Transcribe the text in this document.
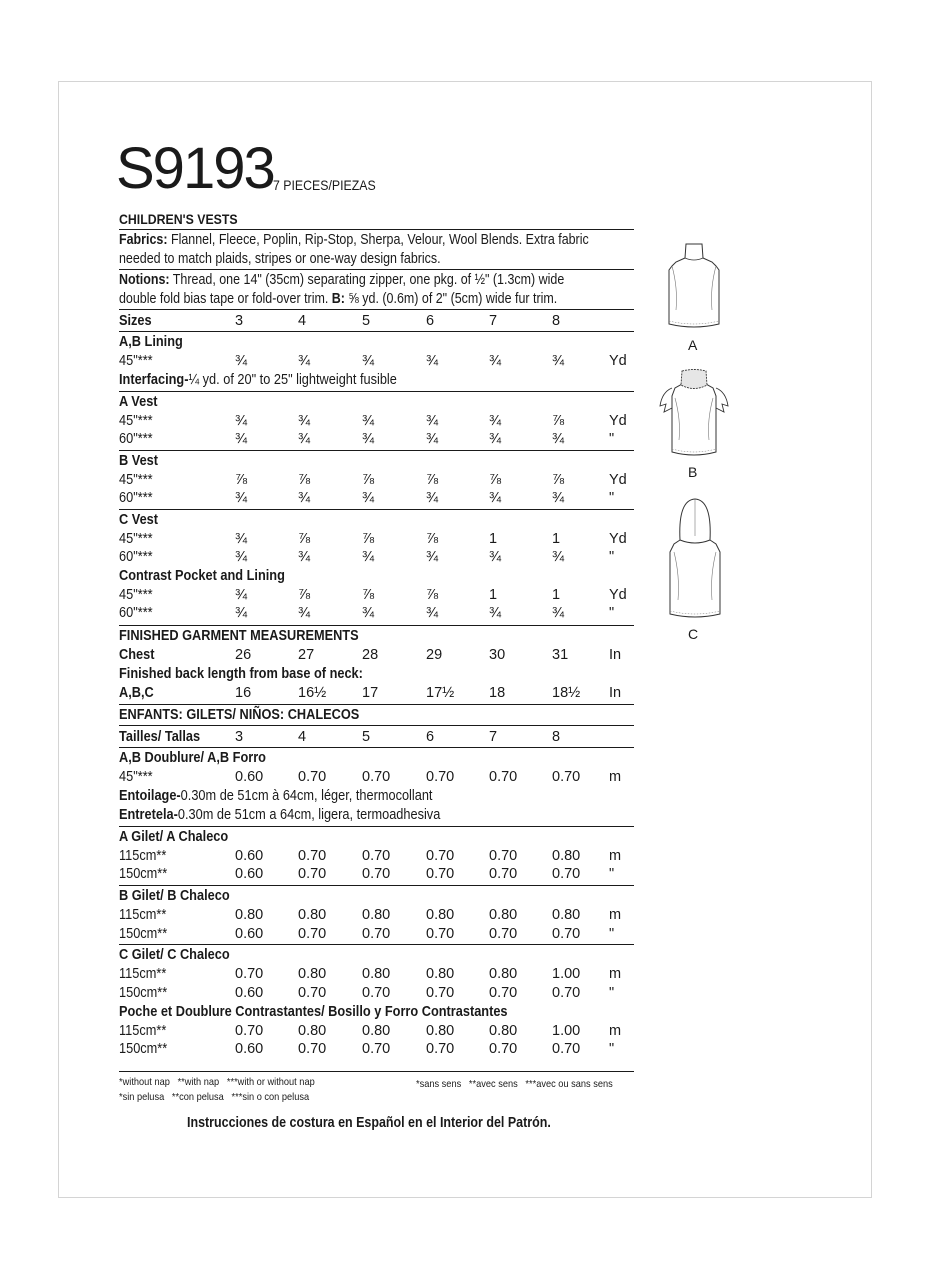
S9193 7 PIECES/PIEZAS
CHILDREN'S VESTS
Fabrics: Flannel, Fleece, Poplin, Rip-Stop, Sherpa, Velour, Wool Blends. Extra fabric
needed to match plaids, stripes or one-way design fabrics.
Notions: Thread, one 14" (35cm) separating zipper, one pkg. of ½" (1.3cm) wide
double fold bias tape or fold-over trim. B: ⅝ yd. (0.6m) of 2" (5cm) wide fur trim.
Sizes	3	4	5	6	7	8
A,B Lining
45"***	¾	¾	¾	¾	¾	¾	Yd
Interfacing- ¼ yd. of 20" to 25" lightweight fusible
A Vest
45"***	¾	¾	¾	¾	¾	⅞	Yd
60"***	¾	¾	¾	¾	¾	¾	"
B Vest
45"***	⅞	⅞	⅞	⅞	⅞	⅞	Yd
60"***	¾	¾	¾	¾	¾	¾	"
C Vest
45"***	¾	⅞	⅞	⅞	1	1	Yd
60"***	¾	¾	¾	¾	¾	¾	"
Contrast Pocket and Lining
45"***	¾	⅞	⅞	⅞	1	1	Yd
60"***	¾	¾	¾	¾	¾	¾	"
FINISHED GARMENT MEASUREMENTS
Chest	26	27	28	29	30	31	In
Finished back length from base of neck:
A,B,C	16	16½ 17	17½ 18	18½ In
ENFANTS: GILETS/ NIÑOS: CHALECOS
Tailles/ Tallas 3	4	5	6	7	8
A,B Doublure/ A,B Forro
45"***	0.60 0.70 0.70 0.70 0.70 0.70 m
Entoilage- 0.30m de 51cm à 64cm, léger, thermocollant
Entretela- 0.30m de 51cm a 64cm, ligera, termoadhesiva
A Gilet/ A Chaleco
115cm**	0.60 0.70 0.70 0.70 0.70 0.80 m
150cm**	0.60 0.70 0.70 0.70 0.70 0.70 "
B Gilet/ B Chaleco
115cm**	0.80 0.80 0.80 0.80 0.80 0.80 m
150cm**	0.60 0.70 0.70 0.70 0.70 0.70 "
C Gilet/ C Chaleco
115cm**	0.70 0.80 0.80 0.80 0.80 1.00 m
150cm**	0.60 0.70 0.70 0.70 0.70 0.70 "
Poche et Doublure Contrastantes/ Bosillo y Forro Contrastantes
115cm**	0.70 0.80 0.80 0.80 0.80 1.00 m
150cm**	0.60 0.70 0.70 0.70 0.70 0.70 "
*without nap **with nap ***with or without nap	*sans sens **avec sens ***avec ou sans sens
*sin pelusa **con pelusa ***sin o con pelusa
Instrucciones de costura en Español en el Interior del Patrón.
A
B
C
